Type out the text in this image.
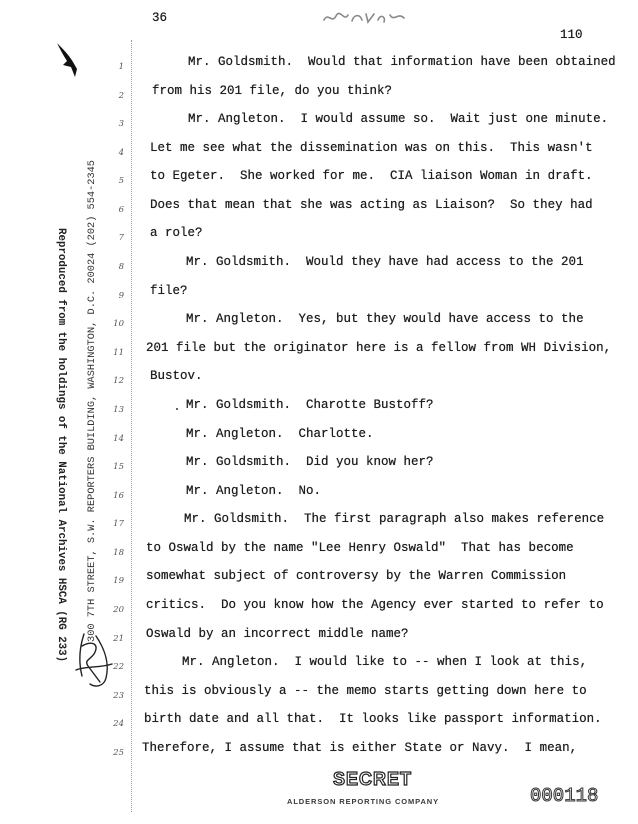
36
110
Reproduced from the holdings of the National Archives HSCA (RG 233) 300 7TH STREET, S.W. REPORTERS BUILDING, WASHINGTON, D.C. 20024 (202) 554-2345
1	Mr. Goldsmith.  Would that information have been obtained
2 from his 201 file, do you think?
3	Mr. Angleton.  I would assume so.  Wait just one minute.
4 Let me see what the dissemination was on this.  This wasn't
5 to Egeter.  She worked for me.  CIA liaison Woman in draft.
6 Does that mean that she was acting as Liaison?  So they had
7 a role?
8	Mr. Goldsmith.  Would they have had access to the 201
9 file?
10	Mr. Angleton.  Yes, but they would have access to the
11 201 file but the originator here is a fellow from WH Division,
12 Bustov.
13	Mr. Goldsmith.  Charotte Bustoff?
14	Mr. Angleton.  Charlotte.
15	Mr. Goldsmith.  Did you know her?
16	Mr. Angleton.  No.
17	Mr. Goldsmith.  The first paragraph also makes reference
18 to Oswald by the name "Lee Henry Oswald"  That has become
19 somewhat subject of controversy by the Warren Commission
20 critics.  Do you know how the Agency ever started to refer to
21 Oswald by an incorrect middle name?
22	Mr. Angleton.  I would like to -- when I look at this,
23 this is obviously a -- the memo starts getting down here to
24 birth date and all that.  It looks like passport information.
25 Therefore, I assume that is either State or Navy.  I mean,
SECRET
ALDERSON REPORTING COMPANY	000118
